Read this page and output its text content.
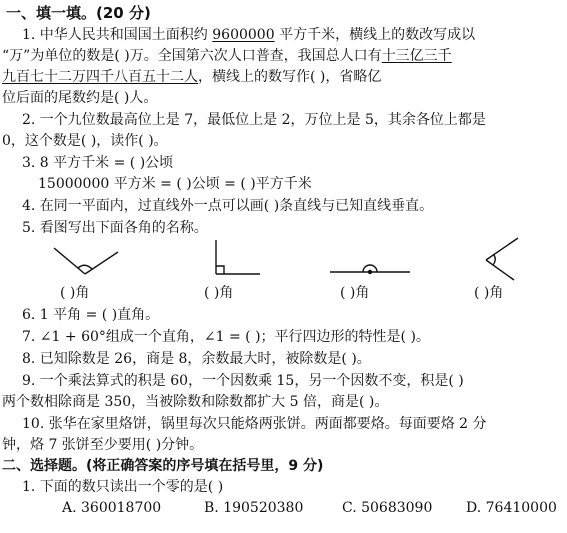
一、填一填。(20 分)
1. 中华人民共和国国土面积约 9600000 平方千米，横线上的数改写成以
“万”为单位的数是( )万。全国第六次人口普查，我国总人口有十三亿三千
九百七十二万四千八百五十二人，横线上的数写作( )，省略亿
位后面的尾数约是( )人。
2. 一个九位数最高位上是 7，最低位上是 2，万位上是 5，其余各位上都是
0，这个数是( )，读作( )。
3. 8 平方千米 = ( )公顷
15000000 平方米 = ( )公顷 = ( )平方千米
4. 在同一平面内，过直线外一点可以画( )条直线与已知直线垂直。
5. 看图写出下面各角的名称。
( )角	( )角	( )角	( )角
6. 1 平角 = ( )直角。
7. ∠1 + 60°组成一个直角，∠1 = ( )；平行四边形的特性是( )。
8. 已知除数是 26，商是 8，余数最大时，被除数是( )。
9. 一个乘法算式的积是 60，一个因数乘 15，另一个因数不变，积是( )
两个数相除商是 350，当被除数和除数都扩大 5 倍，商是( )。
10. 张华在家里烙饼，锅里每次只能烙两张饼。两面都要烙。每面要烙 2 分
钟，烙 7 张饼至少要用( )分钟。
二、选择题。(将正确答案的序号填在括号里，9 分)
1. 下面的数只读出一个零的是( )
A. 360018700	B. 190520380	C. 50683090 D. 76410000
